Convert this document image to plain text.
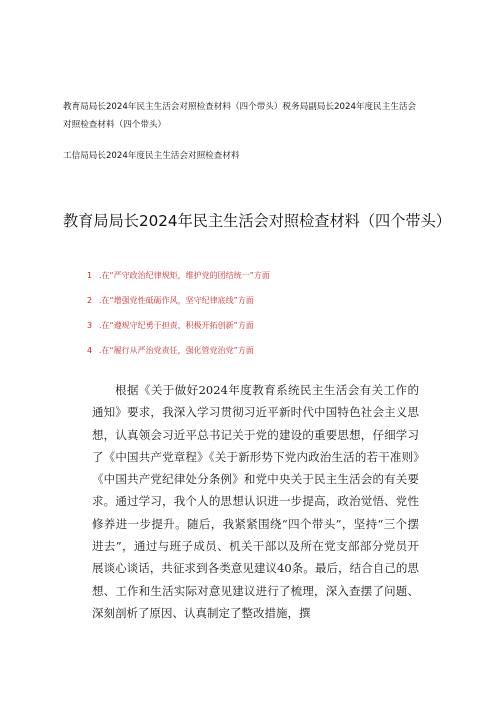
教育局局长2024年民主生活会对照检查材料（四个带头）税务局副局长2024年度民主生活会
对照检查材料（四个带头）
工信局局长2024年度民主生活会对照检查材料
教育局局长2024年民主生活会对照检查材料（四个带头）
1 .在“严守政治纪律规矩，维护党的团结统一”方面
2 .在“增强党性砥砺作风，坚守纪律底线”方面
3 .在“遵规守纪勇于担责，积极开拓创新”方面
4 .在“履行从严治党责任，强化管党治党”方面
根据《关于做好2024年度教育系统民主生活会有关工作的通知》要求，我深入学习贯彻习近平新时代中国特色社会主义思想，认真领会习近平总书记关于党的建设的重要思想，仔细学习了《中国共产党章程》《关于新形势下党内政治生活的若干准则》《中国共产党纪律处分条例》和党中央关于民主生活会的有关要求。通过学习，我个人的思想认识进一步提高，政治觉悟、党性修养进一步提升。随后，我紧紧围绕“四个带头”，坚持“三个摆进去”，通过与班子成员、机关干部以及所在党支部部分党员开展谈心谈话，共征求到各类意见建议40条。最后，结合自己的思想、工作和生活实际对意见建议进行了梳理，深入查摆了问题、深刻剖析了原因、认真制定了整改措施，撰
